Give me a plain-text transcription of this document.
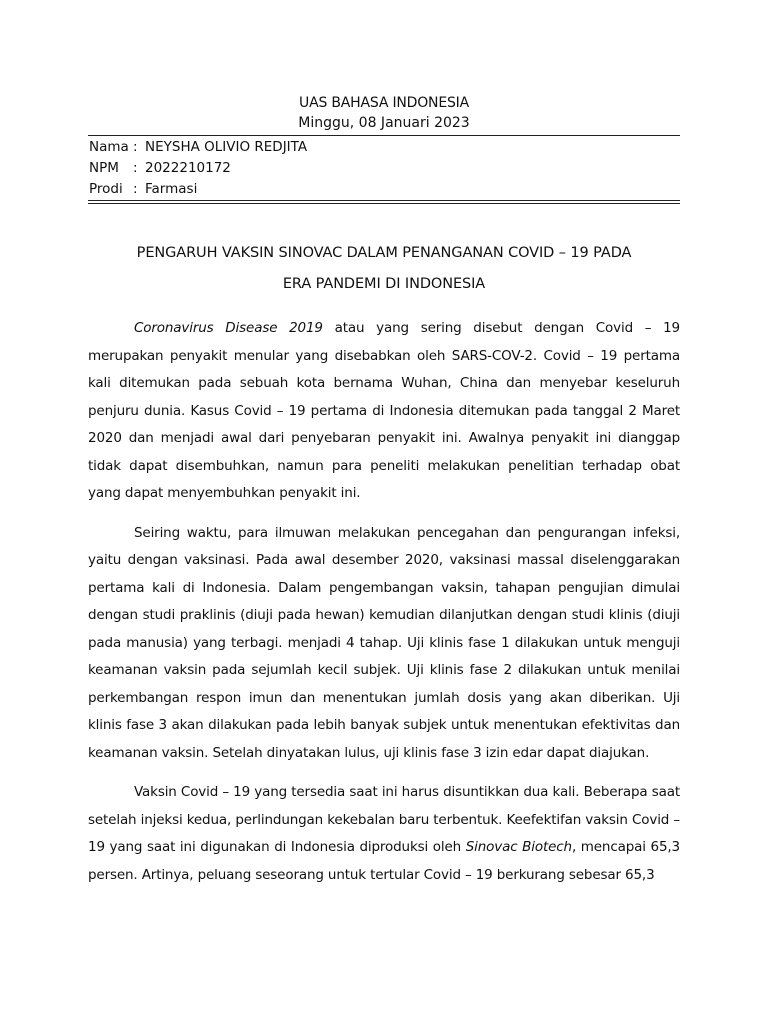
UAS BAHASA INDONESIA
Minggu, 08 Januari 2023
Nama : NEYSHA OLIVIO REDJITA
NPM	: 2022210172
Prodi : Farmasi
PENGARUH VAKSIN SINOVAC DALAM PENANGANAN COVID – 19 PADA
ERA PANDEMI DI INDONESIA

Coronavirus Disease 2019 atau yang sering disebut dengan Covid – 19 merupakan penyakit menular yang disebabkan oleh SARS-COV-2. Covid – 19 pertama kali ditemukan pada sebuah kota bernama Wuhan, China dan menyebar keseluruh penjuru dunia. Kasus Covid – 19 pertama di Indonesia ditemukan pada tanggal 2 Maret 2020 dan menjadi awal dari penyebaran penyakit ini. Awalnya penyakit ini dianggap tidak dapat disembuhkan, namun para peneliti melakukan penelitian terhadap obat yang dapat menyembuhkan penyakit ini.

Seiring waktu, para ilmuwan melakukan pencegahan dan pengurangan infeksi, yaitu dengan vaksinasi. Pada awal desember 2020, vaksinasi massal diselenggarakan pertama kali di Indonesia. Dalam pengembangan vaksin, tahapan pengujian dimulai dengan studi praklinis (diuji pada hewan) kemudian dilanjutkan dengan studi klinis (diuji pada manusia) yang terbagi. menjadi 4 tahap. Uji klinis fase 1 dilakukan untuk menguji keamanan vaksin pada sejumlah kecil subjek. Uji klinis fase 2 dilakukan untuk menilai perkembangan respon imun dan menentukan jumlah dosis yang akan diberikan. Uji klinis fase 3 akan dilakukan pada lebih banyak subjek untuk menentukan efektivitas dan keamanan vaksin. Setelah dinyatakan lulus, uji klinis fase 3 izin edar dapat diajukan.

Vaksin Covid – 19 yang tersedia saat ini harus disuntikkan dua kali. Beberapa saat setelah injeksi kedua, perlindungan kekebalan baru terbentuk. Keefektifan vaksin Covid – 19 yang saat ini digunakan di Indonesia diproduksi oleh Sinovac Biotech, mencapai 65,3 persen. Artinya, peluang seseorang untuk tertular Covid – 19 berkurang sebesar 65,3
